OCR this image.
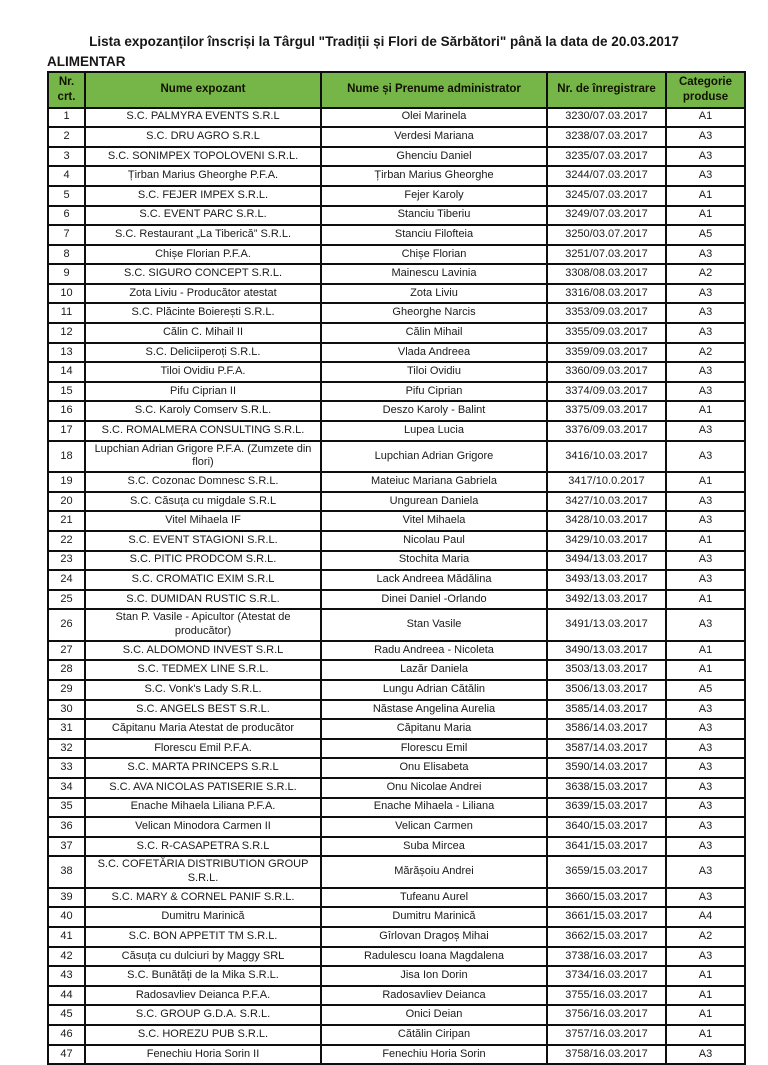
Lista expozanților înscriși la Târgul "Tradiții și Flori de Sărbători" până la data de 20.03.2017
ALIMENTAR
Nr. crt.	Nume expozant	Nume și Prenume administrator	Nr. de înregistrare	Categorie produse
1	S.C. PALMYRA EVENTS S.R.L	Olei Marinela	3230/07.03.2017	A1
2	S.C. DRU AGRO S.R.L	Verdesi Mariana	3238/07.03.2017	A3
3	S.C. SONIMPEX TOPOLOVENI S.R.L.	Ghenciu Daniel	3235/07.03.2017	A3
4	Țirban Marius Gheorghe P.F.A.	Țirban Marius Gheorghe	3244/07.03.2017	A3
5	S.C. FEJER IMPEX S.R.L.	Fejer Karoly	3245/07.03.2017	A1
6	S.C. EVENT PARC S.R.L.	Stanciu Tiberiu	3249/07.03.2017	A1
7	S.C. Restaurant „La Tiberică” S.R.L.	Stanciu Filofteia	3250/03.07.2017	A5
8	Chișe Florian P.F.A.	Chișe Florian	3251/07.03.2017	A3
9	S.C. SIGURO CONCEPT S.R.L.	Mainescu Lavinia	3308/08.03.2017	A2
10	Zota Liviu - Producător atestat	Zota Liviu	3316/08.03.2017	A3
11	S.C. Plăcinte Boierești S.R.L.	Gheorghe Narcis	3353/09.03.2017	A3
12	Călin C. Mihail II	Călin Mihail	3355/09.03.2017	A3
13	S.C. Deliciiperoți S.R.L.	Vlada Andreea	3359/09.03.2017	A2
14	Tiloi Ovidiu P.F.A.	Tiloi Ovidiu	3360/09.03.2017	A3
15	Pifu Ciprian II	Pifu Ciprian	3374/09.03.2017	A3
16	S.C. Karoly Comserv S.R.L.	Deszo Karoly - Balint	3375/09.03.2017	A1
17	S.C. ROMALMERA CONSULTING S.R.L.	Lupea Lucia	3376/09.03.2017	A3
18	Lupchian Adrian Grigore P.F.A. (Zumzete din flori)	Lupchian Adrian Grigore	3416/10.03.2017	A3
19	S.C. Cozonac Domnesc S.R.L.	Mateiuc Mariana Gabriela	3417/10.0.2017	A1
20	S.C. Căsuța cu migdale S.R.L	Ungurean Daniela	3427/10.03.2017	A3
21	Vitel Mihaela IF	Vitel Mihaela	3428/10.03.2017	A3
22	S.C. EVENT STAGIONI S.R.L.	Nicolau Paul	3429/10.03.2017	A1
23	S.C. PITIC PRODCOM S.R.L.	Stochita Maria	3494/13.03.2017	A3
24	S.C. CROMATIC EXIM S.R.L	Lack Andreea Mădălina	3493/13.03.2017	A3
25	S.C. DUMIDAN RUSTIC S.R.L.	Dinei Daniel -Orlando	3492/13.03.2017	A1
26	Stan P. Vasile - Apicultor (Atestat de producător)	Stan Vasile	3491/13.03.2017	A3
27	S.C. ALDOMOND INVEST S.R.L	Radu Andreea - Nicoleta	3490/13.03.2017	A1
28	S.C. TEDMEX LINE S.R.L.	Lazăr Daniela	3503/13.03.2017	A1
29	S.C. Vonk's Lady S.R.L.	Lungu Adrian Cătălin	3506/13.03.2017	A5
30	S.C. ANGELS BEST S.R.L.	Năstase Angelina Aurelia	3585/14.03.2017	A3
31	Căpitanu Maria Atestat de producător	Căpitanu Maria	3586/14.03.2017	A3
32	Florescu Emil P.F.A.	Florescu Emil	3587/14.03.2017	A3
33	S.C. MARTA PRINCEPS S.R.L	Onu Elisabeta	3590/14.03.2017	A3
34	S.C. AVA NICOLAS PATISERIE S.R.L.	Onu Nicolae Andrei	3638/15.03.2017	A3
35	Enache Mihaela Liliana P.F.A.	Enache Mihaela - Liliana	3639/15.03.2017	A3
36	Velican Minodora Carmen II	Velican Carmen	3640/15.03.2017	A3
37	S.C. R-CASAPETRA S.R.L	Suba Mircea	3641/15.03.2017	A3
38	S.C. COFETĂRIA DISTRIBUTION GROUP S.R.L.	Mărășoiu Andrei	3659/15.03.2017	A3
39	S.C. MARY & CORNEL PANIF S.R.L.	Tufeanu Aurel	3660/15.03.2017	A3
40	Dumitru Marinică	Dumitru Marinică	3661/15.03.2017	A4
41	S.C. BON APPETIT TM S.R.L.	Gîrlovan Dragoș Mihai	3662/15.03.2017	A2
42	Căsuța cu dulciuri by Maggy SRL	Radulescu Ioana Magdalena	3738/16.03.2017	A3
43	S.C. Bunătăți de la Mika S.R.L.	Jisa Ion Dorin	3734/16.03.2017	A1
44	Radosavliev Deianca P.F.A.	Radosavliev Deianca	3755/16.03.2017	A1
45	S.C. GROUP G.D.A. S.R.L.	Onici Deian	3756/16.03.2017	A1
46	S.C. HOREZU PUB S.R.L.	Cătălin Ciripan	3757/16.03.2017	A1
47	Fenechiu Horia Sorin II	Fenechiu Horia Sorin	3758/16.03.2017	A3
